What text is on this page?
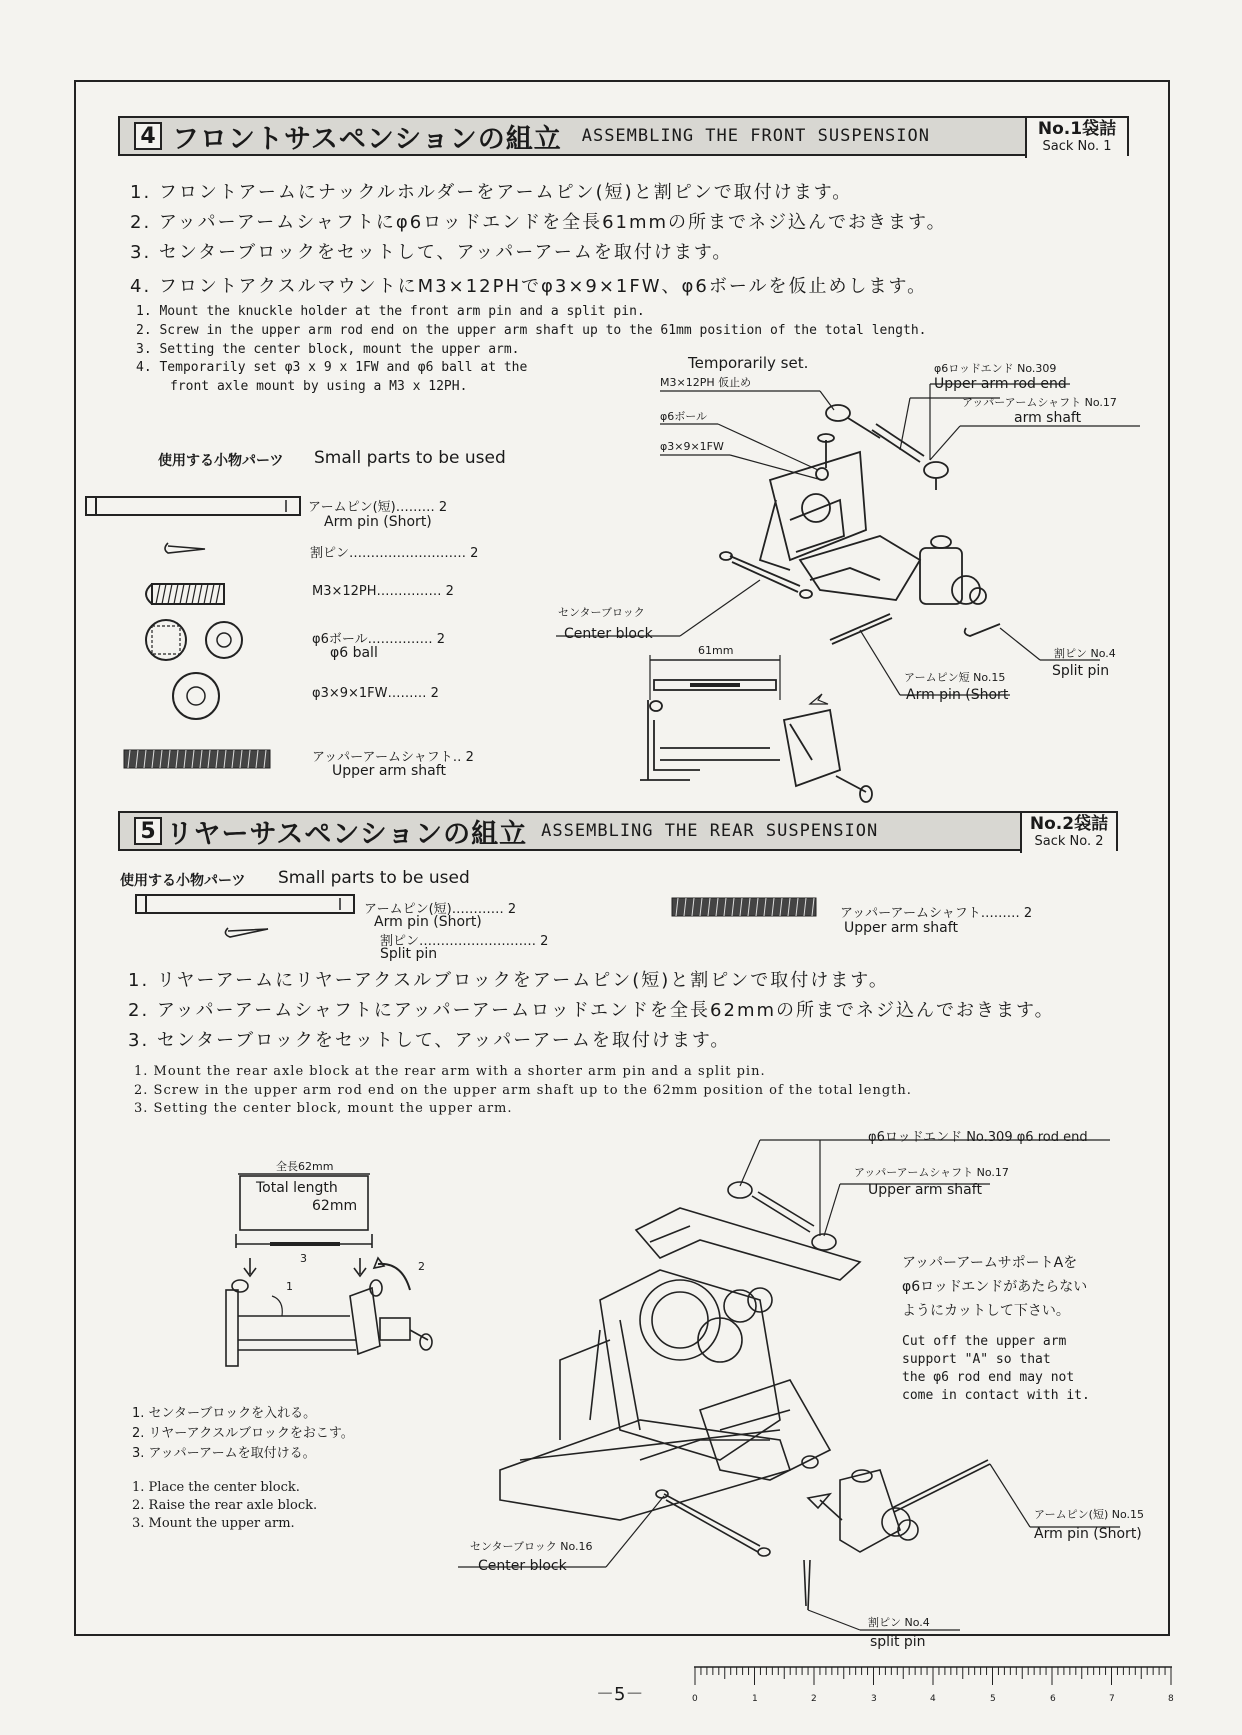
4 フロントサスペンションの組立 ASSEMBLING THE FRONT SUSPENSION	No.1袋詰
Sack No. 1
1. フロントアームにナックルホルダーをアームピン(短)と割ピンで取付けます。
2. アッパーアームシャフトにφ6ロッドエンドを全長61mmの所までネジ込んでおきます。
3. センターブロックをセットして、アッパーアームを取付けます。
4. フロントアクスルマウントにM3×12PHでφ3×9×1FW、φ6ボールを仮止めします。
1. Mount the knuckle holder at the front arm pin and a split pin.
2. Screw in the upper arm rod end on the upper arm shaft up to the 61mm position of the total length.
3. Setting the center block, mount the upper arm.
4. Temporarily set φ3 x 9 x 1FW and φ6 ball at the
front axle mount by using a M3 x 12PH.
使用する小物パーツ Small parts to be used
アームピン(短)……… 2
Arm pin (Short)
割ピン……………………… 2
M3×12PH…………… 2
φ6ボール…………… 2
φ6 ball
φ3×9×1FW……… 2
アッパーアームシャフト‥ 2
Upper arm shaft
Temporarily set.
M3×12PH 仮止め
φ6ボール
φ3×9×1FW
φ6ロッドエンド No.309
Upper arm rod end
アッパーアームシャフト No.17
arm shaft
センターブロック
Center block
61mm	割ピン No.4
Split pin
アームピン短 No.15
Arm pin (Short
5 リヤーサスペンションの組立 ASSEMBLING THE REAR SUSPENSION	No.2袋詰
Sack No. 2
使用する小物パーツ Small parts to be used
アームピン(短)………… 2
Arm pin (Short)
割ピン……………………… 2
Split pin
アッパーアームシャフト……… 2
Upper arm shaft
1. リヤーアームにリヤーアクスルブロックをアームピン(短)と割ピンで取付けます。
2. アッパーアームシャフトにアッパーアームロッドエンドを全長62mmの所までネジ込んでおきます。
3. センターブロックをセットして、アッパーアームを取付けます。
1. Mount the rear axle block at the rear arm with a shorter arm pin and a split pin.
2. Screw in the upper arm rod end on the upper arm shaft up to the 62mm position of the total length.
3. Setting the center block, mount the upper arm.
全長62mm
Total length
62mm
3
2
1
φ6ロッドエンド No.309 φ6 rod end
アッパーアームシャフト No.17
Upper arm shaft
アッパーアームサポートAを
φ6ロッドエンドがあたらない
ようにカットして下さい。
Cut off the upper arm
support "A" so that
the φ6 rod end may not
come in contact with it.
1. センターブロックを入れる。
2. リヤーアクスルブロックをおこす。
3. アッパーアームを取付ける。
1. Place the center block.
2. Raise the rear axle block.
3. Mount the upper arm.
アームピン(短) No.15
Arm pin (Short)
センターブロック No.16
Center block
割ピン No.4
split pin
－5－	0	1	2	3	4	5	6	7	8
